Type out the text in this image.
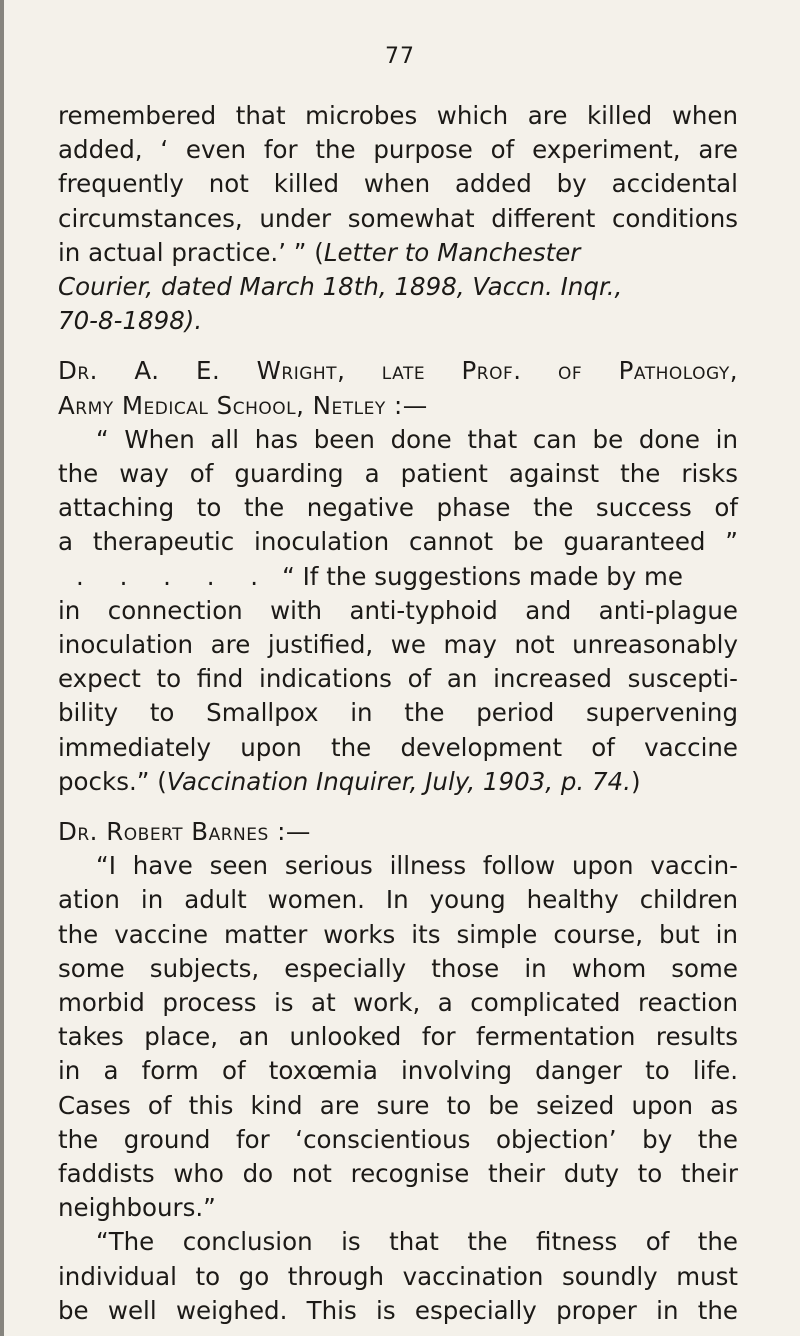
77
remembered that microbes which are killed when
added, ‘ even for the purpose of experiment, are
frequently not killed when added by accidental
circumstances, under somewhat different conditions
in actual practice.’ ” (Letter to Manchester
Courier, dated March 18th, 1898, Vaccn. Inqr.,
70-8-1898).
Dr. A. E. Wright, late Prof. of Pathology,
Army Medical School, Netley :—
“ When all has been done that can be done in
the way of guarding a patient against the risks
attaching to the negative phase the success of
a therapeutic inoculation cannot be guaranteed ”
. . . . . “ If the suggestions made by me
in connection with anti-typhoid and anti-plague
inoculation are justified, we may not unreasonably
expect to find indications of an increased suscepti-
bility to Smallpox in the period supervening
immediately upon the development of vaccine
pocks.” (Vaccination Inquirer, July, 1903, p. 74.)
Dr. Robert Barnes :—
“I have seen serious illness follow upon vaccin-
ation in adult women. In young healthy children
the vaccine matter works its simple course, but in
some subjects, especially those in whom some
morbid process is at work, a complicated reaction
takes place, an unlooked for fermentation results
in a form of toxœmia involving danger to life.
Cases of this kind are sure to be seized upon as
the ground for ‘conscientious objection’ by the
faddists who do not recognise their duty to their
neighbours.”
“The conclusion is that the fitness of the
individual to go through vaccination soundly must
be well weighed. This is especially proper in the
